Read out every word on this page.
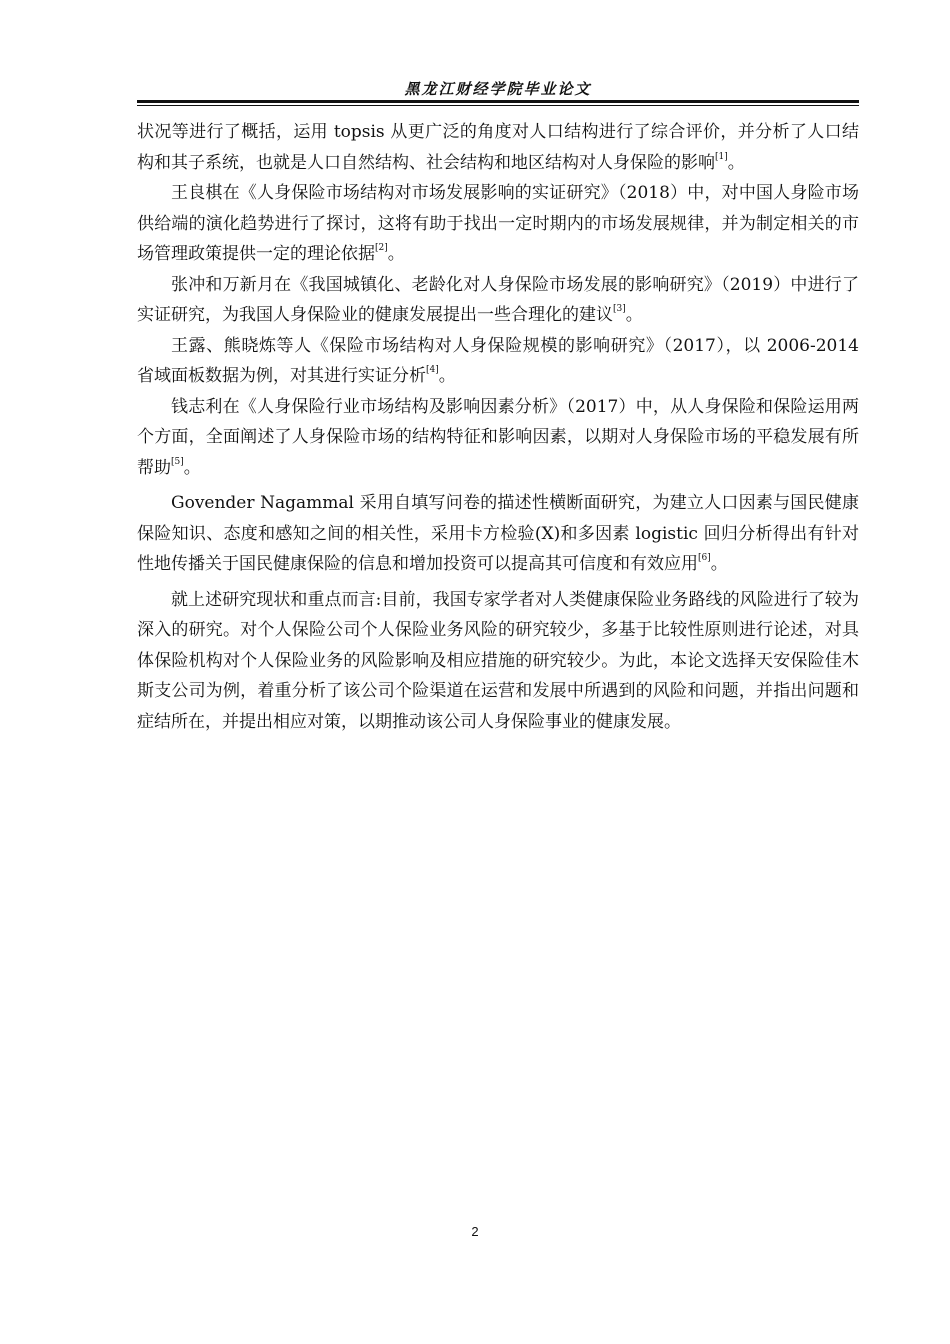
黑龙江财经学院毕业论文

状况等进行了概括，运用 topsis 从更广泛的角度对人口结构进行了综合评价，并分析了人口结构和其子系统，也就是人口自然结构、社会结构和地区结构对人身保险的影响[1]。

王良棋在《人身保险市场结构对市场发展影响的实证研究》（2018）中，对中国人身险市场供给端的演化趋势进行了探讨，这将有助于找出一定时期内的市场发展规律，并为制定相关的市场管理政策提供一定的理论依据[2]。

张冲和万新月在《我国城镇化、老龄化对人身保险市场发展的影响研究》（2019）中进行了实证研究，为我国人身保险业的健康发展提出一些合理化的建议[3]。

王露、熊晓炼等人《保险市场结构对人身保险规模的影响研究》（2017），以 2006-2014 省域面板数据为例，对其进行实证分析[4]。

钱志利在《人身保险行业市场结构及影响因素分析》（2017）中，从人身保险和保险运用两个方面，全面阐述了人身保险市场的结构特征和影响因素，以期对人身保险市场的平稳发展有所帮助[5]。

Govender Nagammal 采用自填写问卷的描述性横断面研究，为建立人口因素与国民健康保险知识、态度和感知之间的相关性，采用卡方检验(X)和多因素 logistic 回归分析得出有针对性地传播关于国民健康保险的信息和增加投资可以提高其可信度和有效应用[6]。

就上述研究现状和重点而言:目前，我国专家学者对人类健康保险业务路线的风险进行了较为深入的研究。对个人保险公司个人保险业务风险的研究较少，多基于比较性原则进行论述，对具体保险机构对个人保险业务的风险影响及相应措施的研究较少。为此，本论文选择天安保险佳木斯支公司为例，着重分析了该公司个险渠道在运营和发展中所遇到的风险和问题，并指出问题和症结所在，并提出相应对策，以期推动该公司人身保险事业的健康发展。

2
